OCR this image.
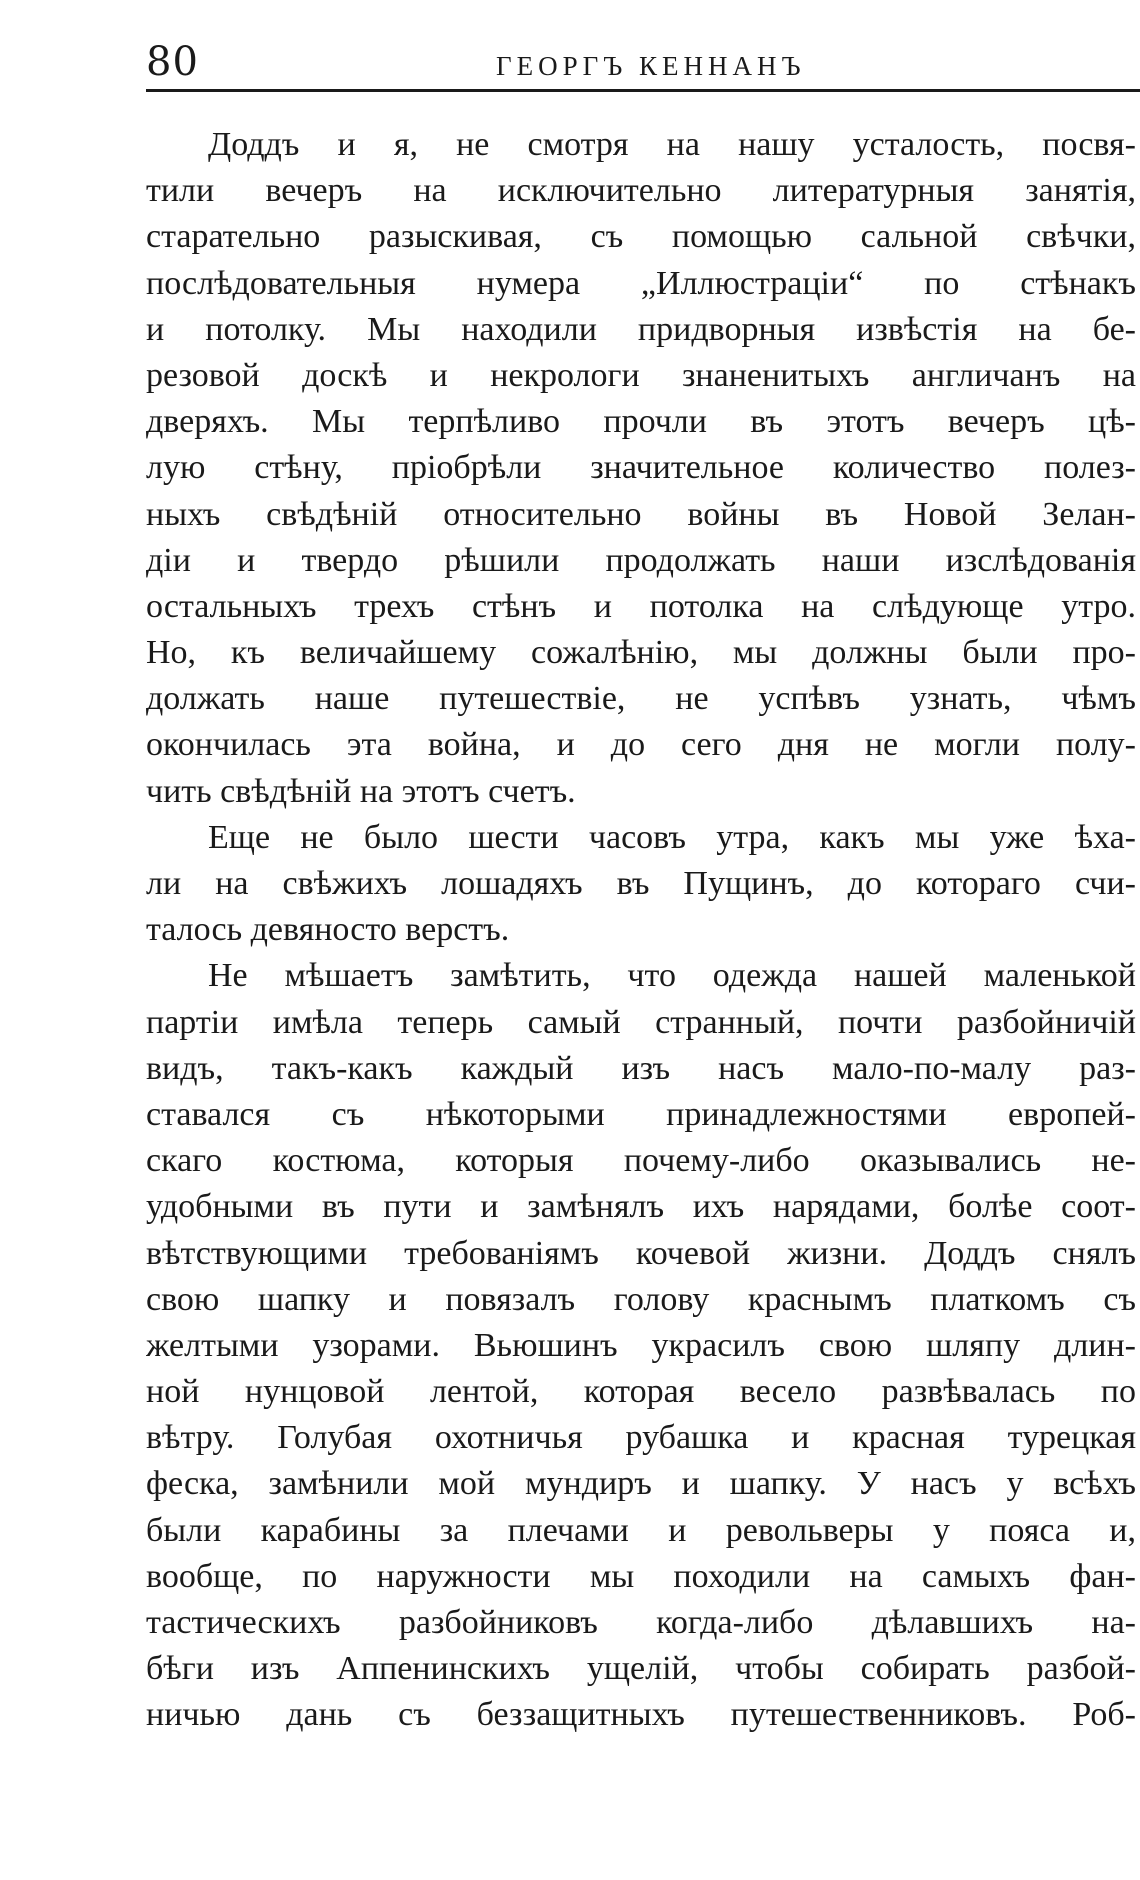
80	ГЕОРГЪ КЕННАНЪ
Доддъ и я, не смотря на нашу усталость, посвя-
тили вечеръ на исключительно литературныя занятія,
старательно разыскивая, съ помощью сальной свѣчки,
послѣдовательныя нумера „Иллюстраціи“ по стѣнакъ
и потолку. Мы находили придворныя извѣстія на бе-
резовой доскѣ и некрологи знаненитыхъ англичанъ на
дверяхъ. Мы терпѣливо прочли въ этотъ вечеръ цѣ-
лую стѣну, пріобрѣли значительное количество полез-
ныхъ свѣдѣній относительно войны въ Новой Зелан-
діи и твердо рѣшили продолжать наши изслѣдованія
остальныхъ трехъ стѣнъ и потолка на слѣдующе утро.
Но, къ величайшему сожалѣнію, мы должны были про-
должать наше путешествіе, не успѣвъ узнать, чѣмъ
окончилась эта война, и до сего дня не могли полу-
чить свѣдѣній на этотъ счетъ.
Еще не было шести часовъ утра, какъ мы уже ѣха-
ли на свѣжихъ лошадяхъ въ Пущинъ, до котораго счи-
талось девяносто верстъ.
Не мѣшаетъ замѣтить, что одежда нашей маленькой
партіи имѣла теперь самый странный, почти разбойничій
видъ, такъ-какъ каждый изъ насъ мало-по-малу раз-
ставался съ нѣкоторыми принадлежностями европей-
скаго костюма, которыя почему-либо оказывались не-
удобными въ пути и замѣнялъ ихъ нарядами, болѣе соот-
вѣтствующими требованіямъ кочевой жизни. Доддъ снялъ
свою шапку и повязалъ голову краснымъ платкомъ съ
желтыми узорами. Вьюшинъ украсилъ свою шляпу длин-
ной нунцовой лентой, которая весело развѣвалась по
вѣтру. Голубая охотничья рубашка и красная турецкая
феска, замѣнили мой мундиръ и шапку. У насъ у всѣхъ
были карабины за плечами и револьверы у пояса и,
вообще, по наружности мы походили на самыхъ фан-
тастическихъ разбойниковъ когда-либо дѣлавшихъ на-
бѣги изъ Аппенинскихъ ущелій, чтобы собирать разбой-
ничью дань съ беззащитныхъ путешественниковъ. Роб-
